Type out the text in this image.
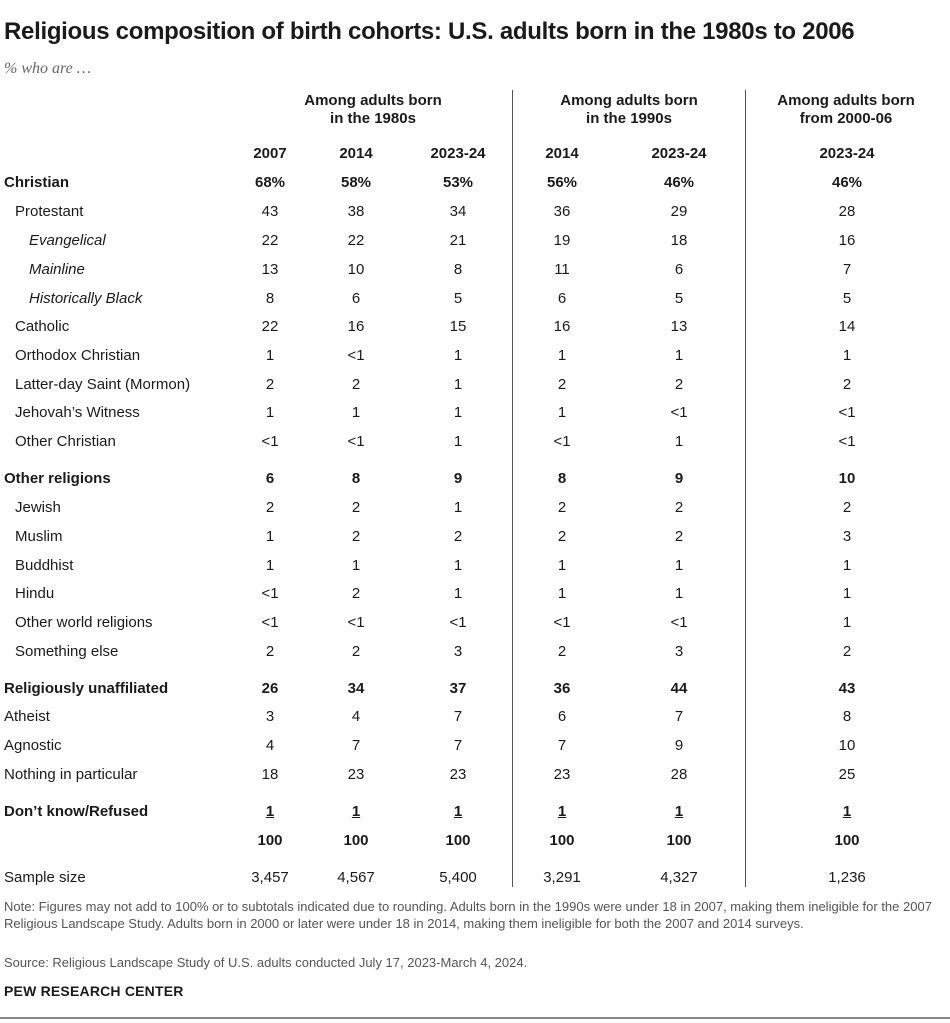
Religious composition of birth cohorts: U.S. adults born in the 1980s to 2006
% who are …
Among adults born in the 1980s
Among adults born in the 1990s
Among adults born from 2000-06
2007	2014	2023-24	2014	2023-24	2023-24
Christian	68%	58%	53%	56%	46%	46%
Protestant	43	38	34	36	29	28
Evangelical	22	22	21	19	18	16
Mainline	13	10	8	11	6	7
Historically Black	8	6	5	6	5	5
Catholic	22	16	15	16	13	14
Orthodox Christian	1	<1	1	1	1	1
Latter-day Saint (Mormon)	2	2	1	2	2	2
Jehovah’s Witness	1	1	1	1	<1	<1
Other Christian	<1	<1	1	<1	1	<1
Other religions	6	8	9	8	9	10
Jewish	2	2	1	2	2	2
Muslim	1	2	2	2	2	3
Buddhist	1	1	1	1	1	1
Hindu	<1	2	1	1	1	1
Other world religions	<1	<1	<1	<1	<1	1
Something else	2	2	3	2	3	2
Religiously unaffiliated	26	34	37	36	44	43
Atheist	3	4	7	6	7	8
Agnostic	4	7	7	7	9	10
Nothing in particular	18	23	23	23	28	25
Don’t know/Refused	1	1	1	1	1	1
100	100	100	100	100	100
Sample size	3,457	4,567	5,400	3,291	4,327	1,236
Note: Figures may not add to 100% or to subtotals indicated due to rounding. Adults born in the 1990s were under 18 in 2007, making them ineligible for the 2007 Religious Landscape Study. Adults born in 2000 or later were under 18 in 2014, making them ineligible for both the 2007 and 2014 surveys.
Source: Religious Landscape Study of U.S. adults conducted July 17, 2023-March 4, 2024.
PEW RESEARCH CENTER
